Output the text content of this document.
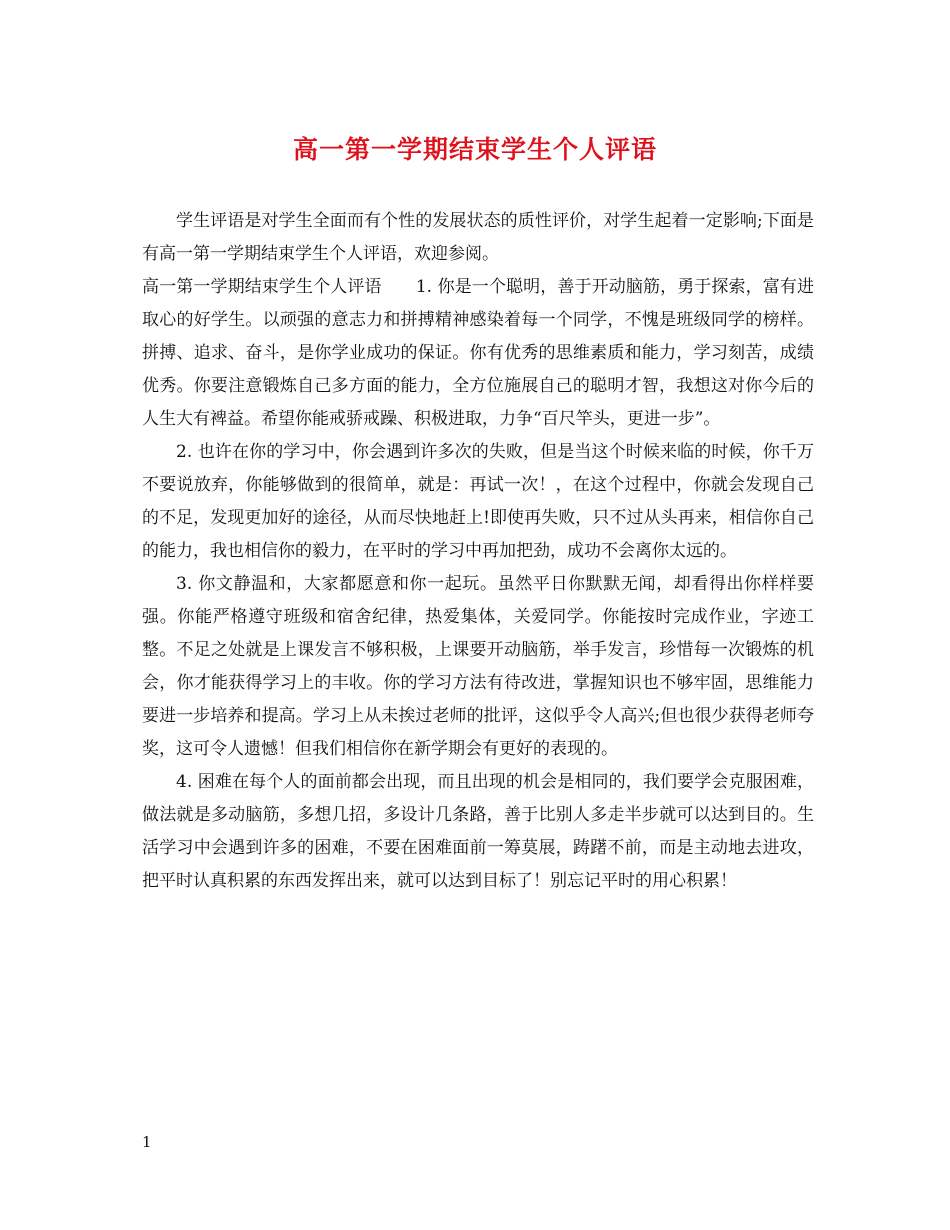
高一第一学期结束学生个人评语

学生评语是对学生全面而有个性的发展状态的质性评价，对学生起着一定影响;下面是有高一第一学期结束学生个人评语，欢迎参阅。

高一第一学期结束学生个人评语　　1. 你是一个聪明，善于开动脑筋，勇于探索，富有进取心的好学生。以顽强的意志力和拼搏精神感染着每一个同学，不愧是班级同学的榜样。拼搏、追求、奋斗，是你学业成功的保证。你有优秀的思维素质和能力，学习刻苦，成绩优秀。你要注意锻炼自己多方面的能力，全方位施展自己的聪明才智，我想这对你今后的人生大有裨益。希望你能戒骄戒躁、积极进取，力争“百尺竿头，更进一步”。

2. 也许在你的学习中，你会遇到许多次的失败，但是当这个时候来临的时候，你千万不要说放弃，你能够做到的很简单，就是：再试一次！，在这个过程中，你就会发现自己的不足，发现更加好的途径，从而尽快地赶上!即使再失败，只不过从头再来，相信你自己的能力，我也相信你的毅力，在平时的学习中再加把劲，成功不会离你太远的。

3. 你文静温和，大家都愿意和你一起玩。虽然平日你默默无闻，却看得出你样样要强。你能严格遵守班级和宿舍纪律，热爱集体，关爱同学。你能按时完成作业，字迹工整。不足之处就是上课发言不够积极，上课要开动脑筋，举手发言，珍惜每一次锻炼的机会，你才能获得学习上的丰收。你的学习方法有待改进，掌握知识也不够牢固，思维能力要进一步培养和提高。学习上从未挨过老师的批评，这似乎令人高兴;但也很少获得老师夸奖，这可令人遗憾！但我们相信你在新学期会有更好的表现的。

4. 困难在每个人的面前都会出现，而且出现的机会是相同的，我们要学会克服困难，做法就是多动脑筋，多想几招，多设计几条路，善于比别人多走半步就可以达到目的。生活学习中会遇到许多的困难，不要在困难面前一筹莫展，踌躇不前，而是主动地去进攻，把平时认真积累的东西发挥出来，就可以达到目标了！别忘记平时的用心积累！

1
